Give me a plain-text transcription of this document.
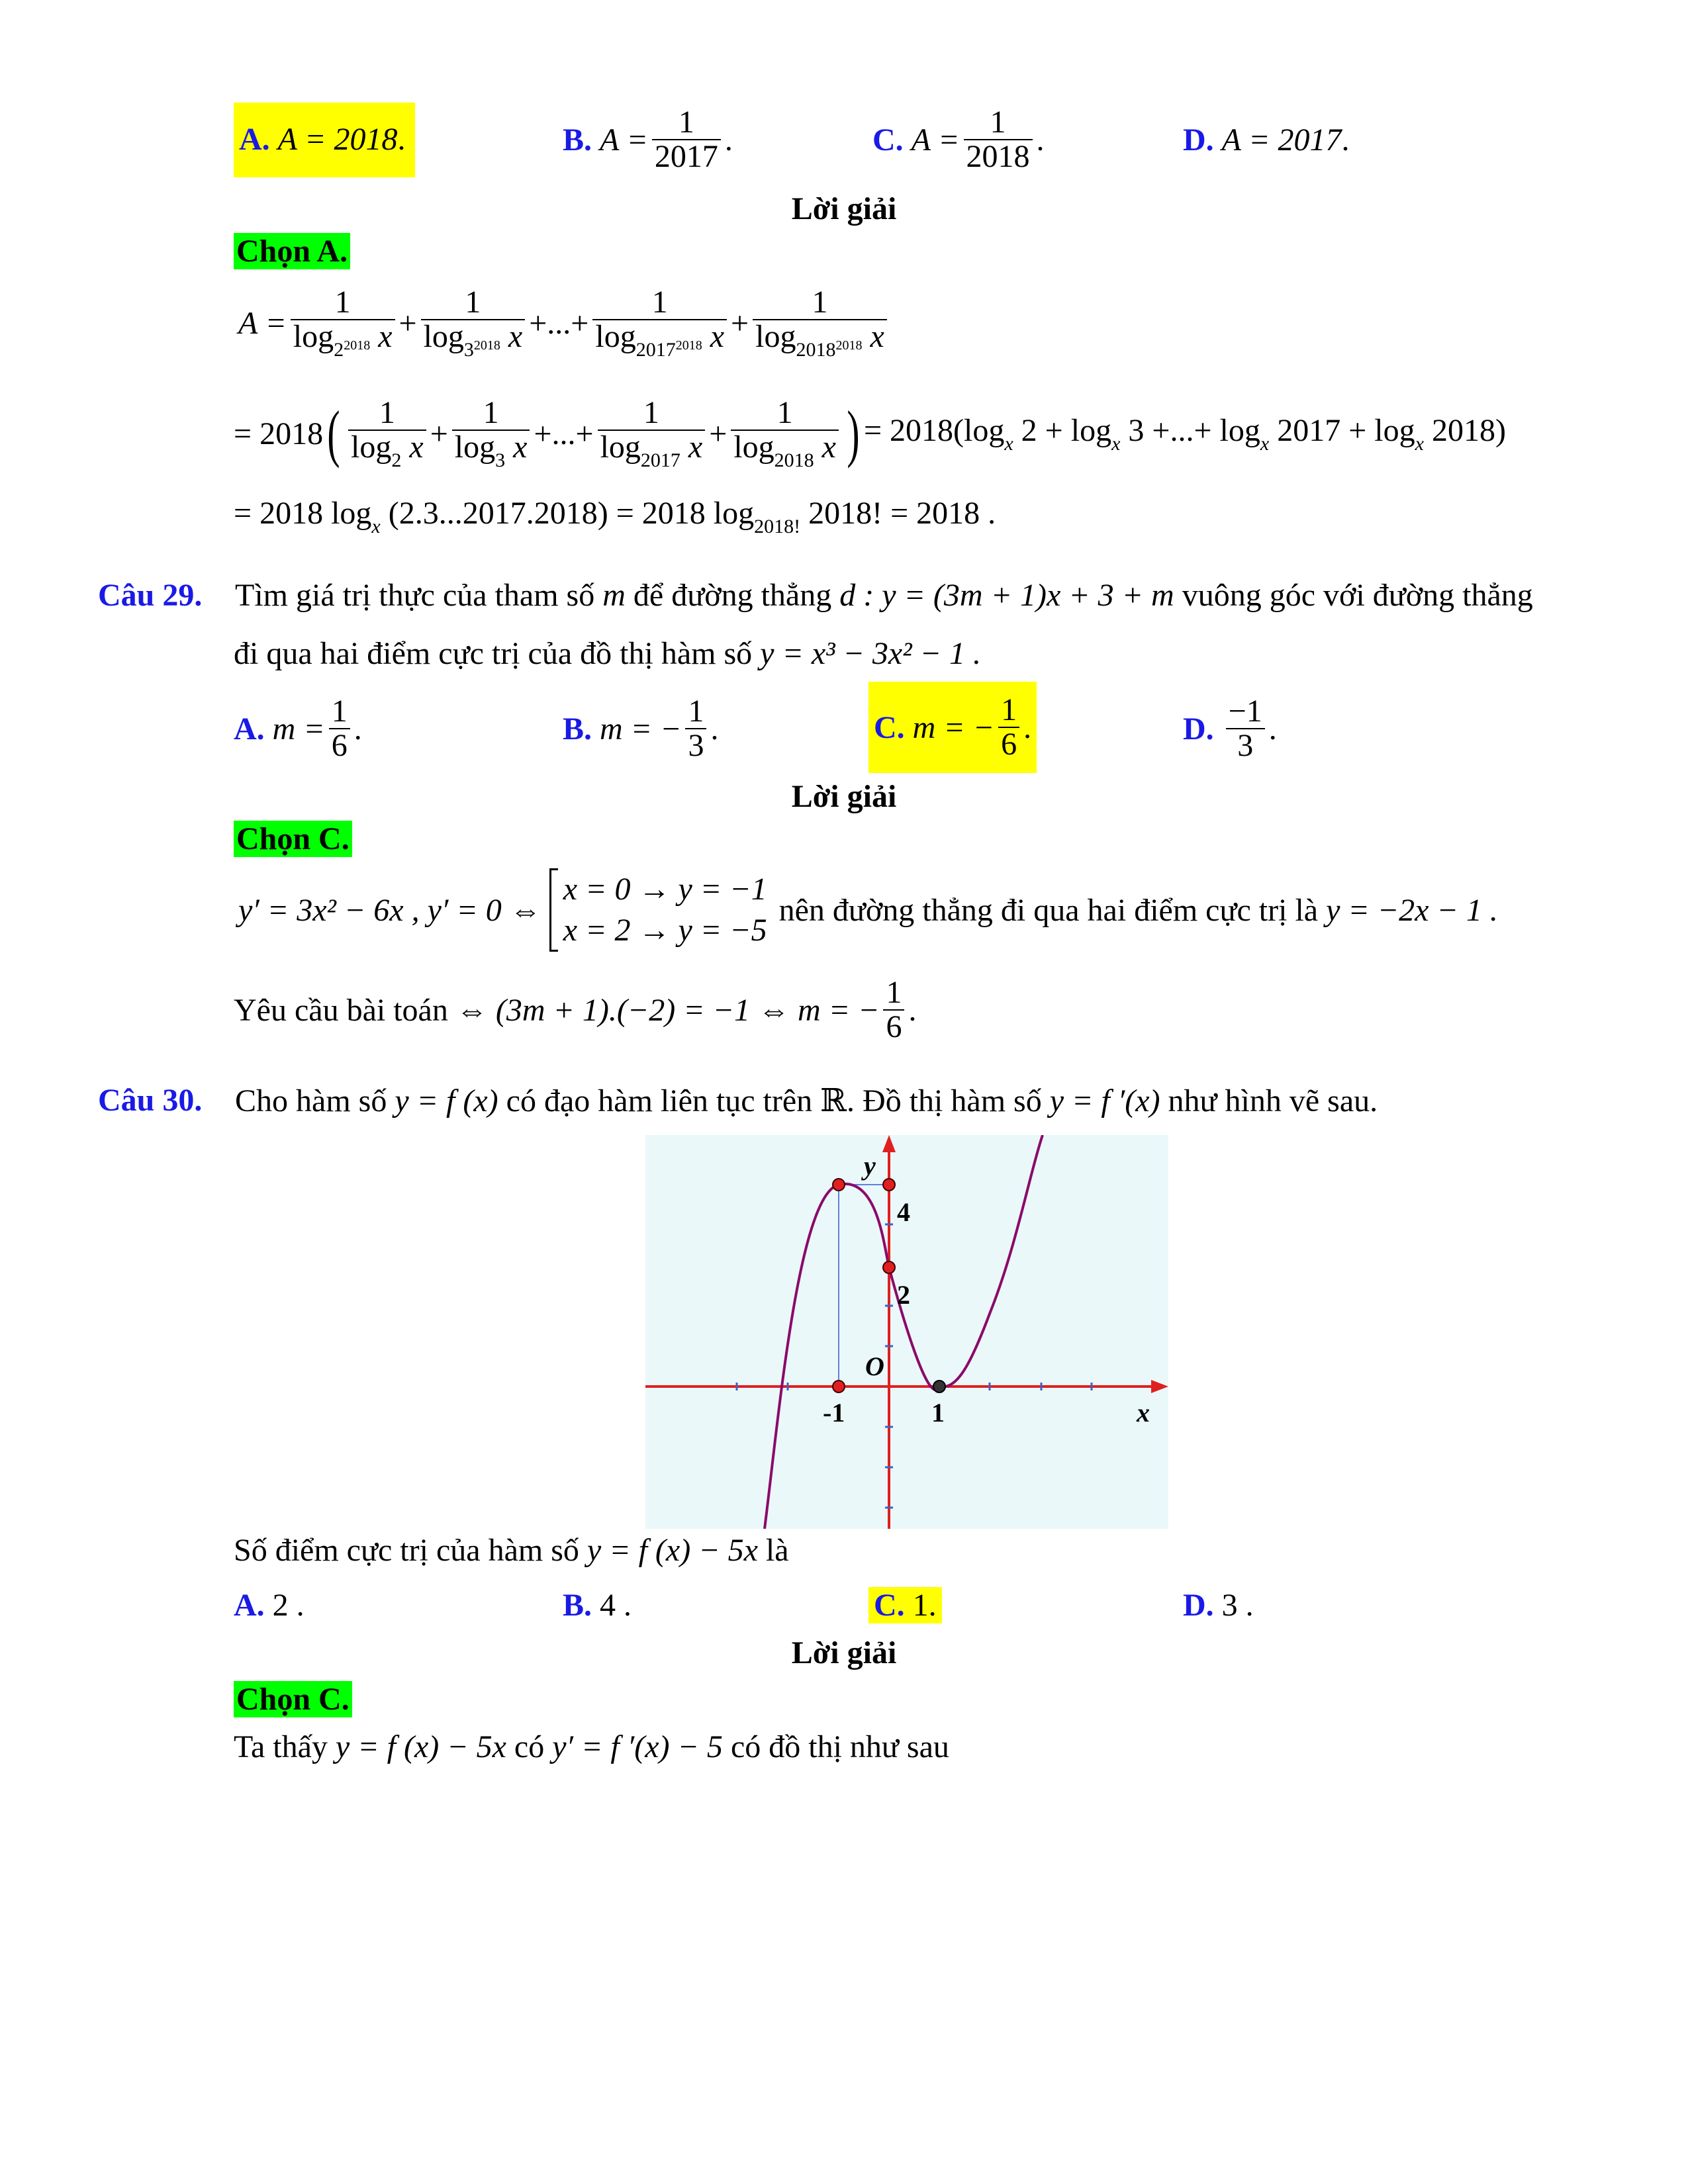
A. A = 2018.	B.
$A = \frac{1}{2017}$ .	C.
$A = \frac{1}{2018}$ .	D.
A = 2017 .
Lời giải
Chọn A.
$A = \frac{1}{\log_{2^{2018}} x} + \frac{1}{\log_{3^{2018}} x}$ +...+ $\frac{1}{\log_{2017^{2018}} x} + \frac{1}{\log_{2018^{2018}} x}$
= 2018 ( $\frac{1}{\log_2 x} + \frac{1}{\log_3 x}$ +...+ $\frac{1}{\log_{2017} x} + \frac{1}{\log_{2018} x}$ ) = $2018(\log_x$ $2 + \log_x 3$ +...+ $\log_x 2017 + \log_x 2018$)
= 2018 $\log_x (2.3...2017.2018) = 2018$ $\log_{2018!} 2018$! = 2018 .
Câu 29. Tìm giá trị thực của tham số m để đường thẳng d : y = (3m + 1)x + 3 + m vuông góc với đường thẳng
đi qua hai điểm cực trị của đồ thị hàm số y = x³ − 3x² − 1 .
A.
$m = \frac{1}{6}$ .	B.
m = − $\frac{1}{3}$ .	C.
m = − $\frac{1}{6}$ .	D.
$\frac{-1}{3}$ .
Lời giải
Chọn C.
y′ = 3x² − 6x , y′ = 0 ⇔
x = 0 → y = −1
x = 2 → y = −5
nên đường thẳng đi qua hai điểm cực trị là
y = −2x − 1 .
Yêu cầu bài toán
⇔ (3m + 1).(−2) = −1 ⇔ m = − $\frac{1}{6}$ .
Câu 30. Cho hàm số y = f (x) có đạo hàm liên tục trên ℝ. Đồ thị hàm số y = f ′(x) như hình vẽ sau.
y
4
2
O
-1	1	x
Số điểm cực trị của hàm số y = f (x) − 5x là
A. 2 .	B. 4 .	C. 1.	D. 3 .
Lời giải
Chọn C.
Ta thấy y = f (x) − 5x có y′ = f ′(x) − 5 có đồ thị như sau
